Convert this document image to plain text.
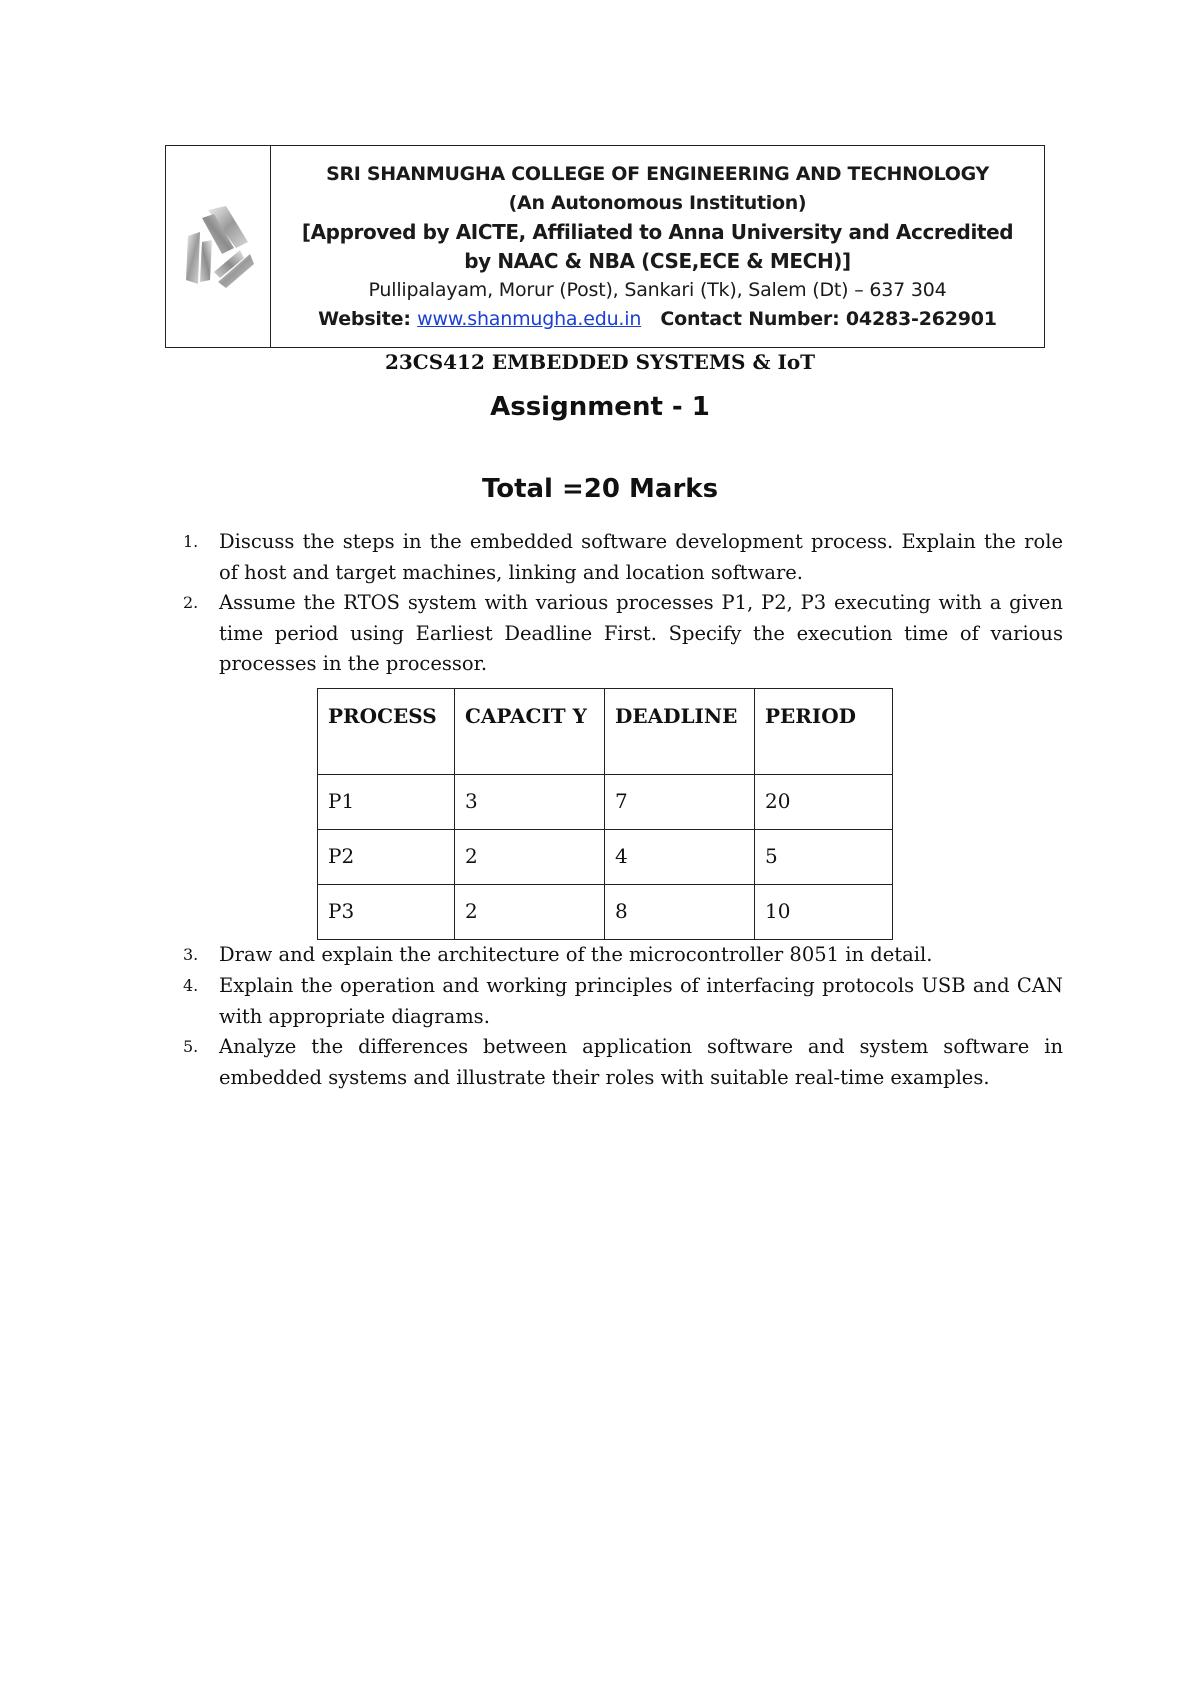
SRI SHANMUGHA COLLEGE OF ENGINEERING AND TECHNOLOGY
(An Autonomous Institution)
[Approved by AICTE, Affiliated to Anna University and Accredited
by NAAC & NBA (CSE,ECE & MECH)]
Pullipalayam, Morur (Post), Sankari (Tk), Salem (Dt) – 637 304
Website: www.shanmugha.edu.in Contact Number: 04283-262901
23CS412 EMBEDDED SYSTEMS & IoT
Assignment - 1
Total =20 Marks
1.	Discuss the steps in the embedded software development process. Explain the role of host and target machines, linking and location software.
2.	Assume the RTOS system with various processes P1, P2, P3 executing with a given time period using Earliest Deadline First. Specify the execution time of various processes in the processor.
PROCESS	CAPACIT Y	DEADLINE	PERIOD
P1	3	7	20
P2	2	4	5
P3	2	8	10
3.	Draw and explain the architecture of the microcontroller 8051 in detail.
4.	Explain the operation and working principles of interfacing protocols USB and CAN with appropriate diagrams.
5.	Analyze the differences between application software and system software in embedded systems and illustrate their roles with suitable real-time examples.
